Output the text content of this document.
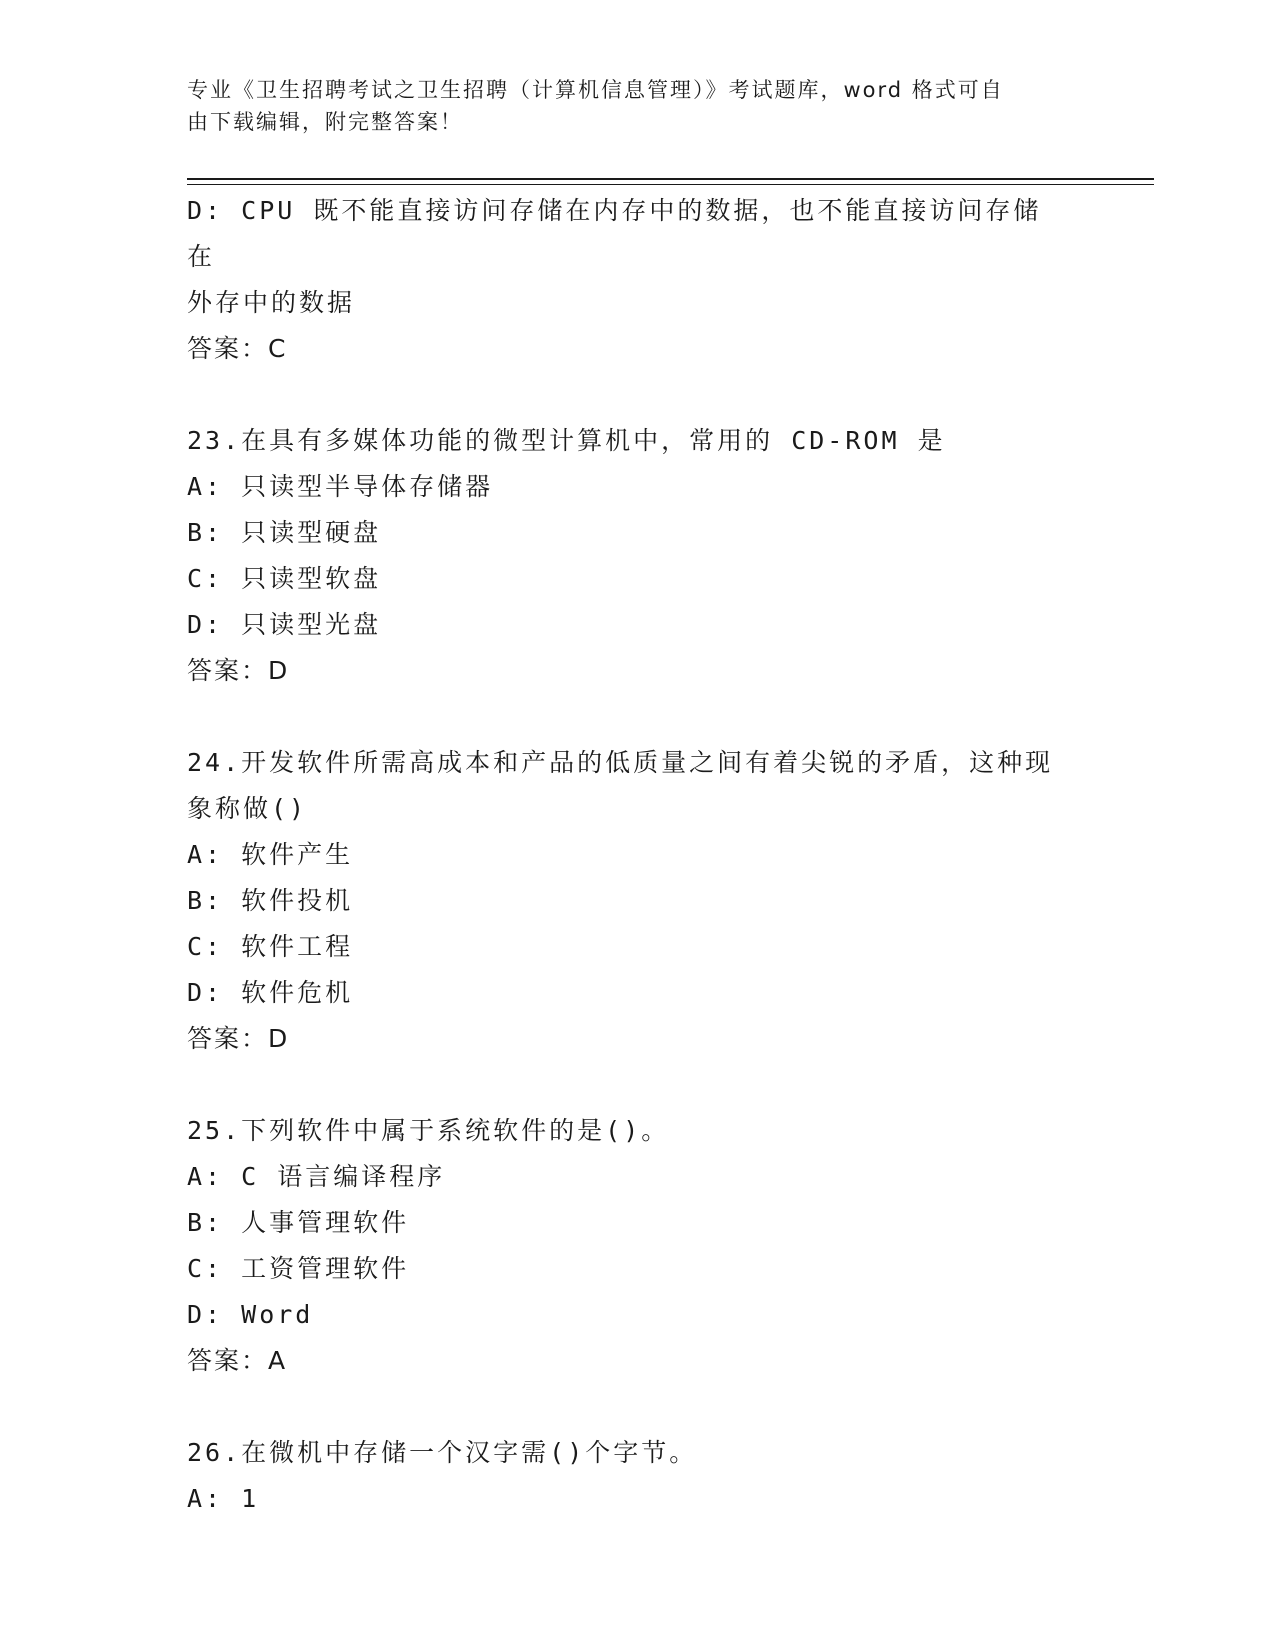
专业《卫生招聘考试之卫生招聘（计算机信息管理）》考试题库，word 格式可自
由下载编辑，附完整答案！
D: CPU 既不能直接访问存储在内存中的数据，也不能直接访问存储在
外存中的数据
答案：C
23.在具有多媒体功能的微型计算机中，常用的 CD-ROM 是
A: 只读型半导体存储器
B: 只读型硬盘
C: 只读型软盘
D: 只读型光盘
答案：D
24.开发软件所需高成本和产品的低质量之间有着尖锐的矛盾，这种现
象称做()
A: 软件产生
B: 软件投机
C: 软件工程
D: 软件危机
答案：D
25.下列软件中属于系统软件的是()。
A: C 语言编译程序
B: 人事管理软件
C: 工资管理软件
D: Word
答案：A
26.在微机中存储一个汉字需()个字节。
A: 1
